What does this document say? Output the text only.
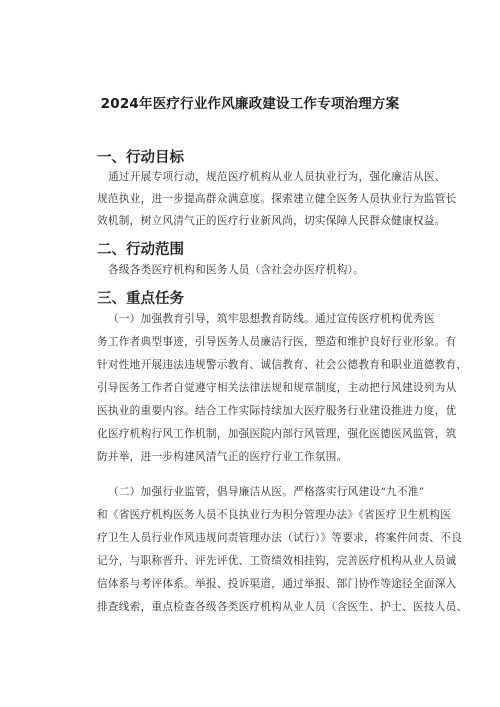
2024年医疗行业作风廉政建设工作专项治理方案
一、行动目标
通过开展专项行动，规范医疗机构从业人员执业行为，强化廉洁从医、
规范执业，进一步提高群众满意度。探索建立健全医务人员执业行为监管长
效机制，树立风清气正的医疗行业新风尚，切实保障人民群众健康权益。
二、行动范围
各级各类医疗机构和医务人员（含社会办医疗机构）。
三、重点任务
（一）加强教育引导，筑牢思想教育防线。通过宣传医疗机构优秀医
务工作者典型事迹，引导医务人员廉洁行医，塑造和维护良好行业形象。有
针对性地开展违法违规警示教育、诚信教育、社会公德教育和职业道德教育，
引导医务工作者自觉遵守相关法律法规和规章制度，主动把行风建设列为从
医执业的重要内容。结合工作实际持续加大医疗服务行业建设推进力度，优
化医疗机构行风工作机制，加强医院内部行风管理，强化医德医风监管，筑
防并举，进一步构建风清气正的医疗行业工作氛围。
（二）加强行业监管，倡导廉洁从医。严格落实行风建设“九不准”
和《省医疗机构医务人员不良执业行为积分管理办法》《省医疗卫生机构医
疗卫生人员行业作风违规问责管理办法（试行）》等要求，将案件问责、不良
记分，与职称晋升、评先评优、工资绩效相挂钩，完善医疗机构从业人员诚
信体系与考评体系。举报、投诉渠道，通过举报、部门协作等途径全面深入
排查线索，重点检查各级各类医疗机构从业人员（含医生、护士、医技人员、
